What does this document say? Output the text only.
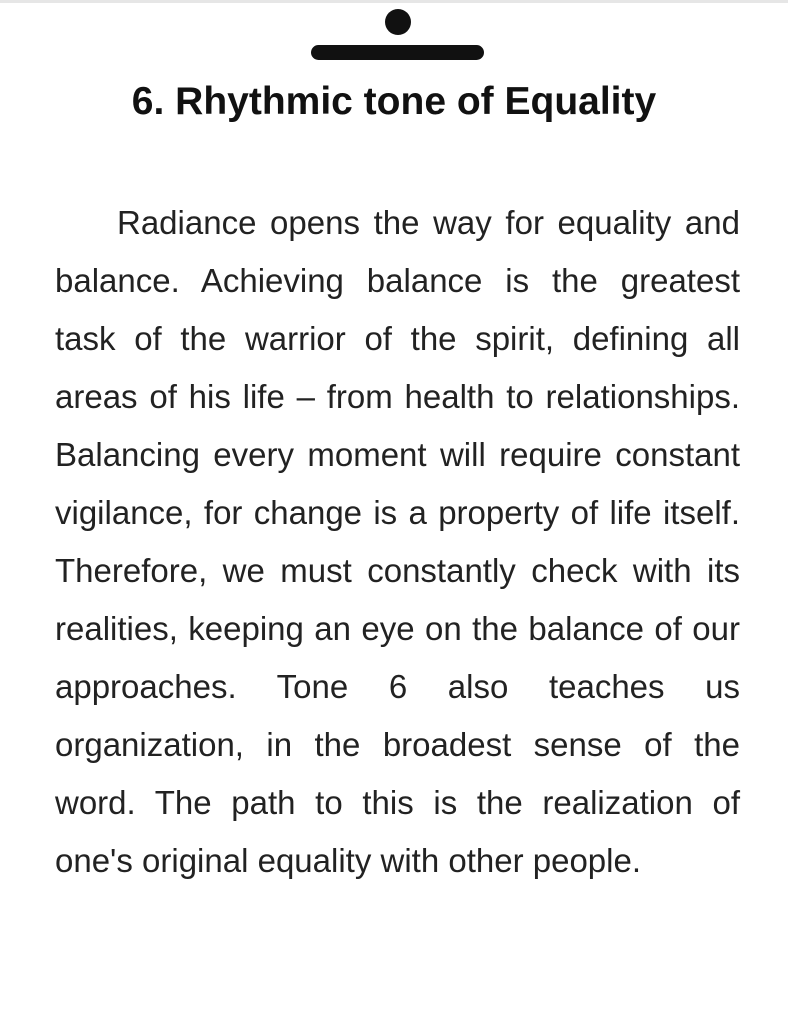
6. Rhythmic tone of Equality

Radiance opens the way for equality and balance. Achieving balance is the greatest task of the warrior of the spirit, defining all areas of his life – from health to relationships. Balancing every moment will require constant vigilance, for change is a property of life itself. Therefore, we must constantly check with its realities, keeping an eye on the balance of our approaches. Tone 6 also teaches us organization, in the broadest sense of the word. The path to this is the realization of one's original equality with other people.
